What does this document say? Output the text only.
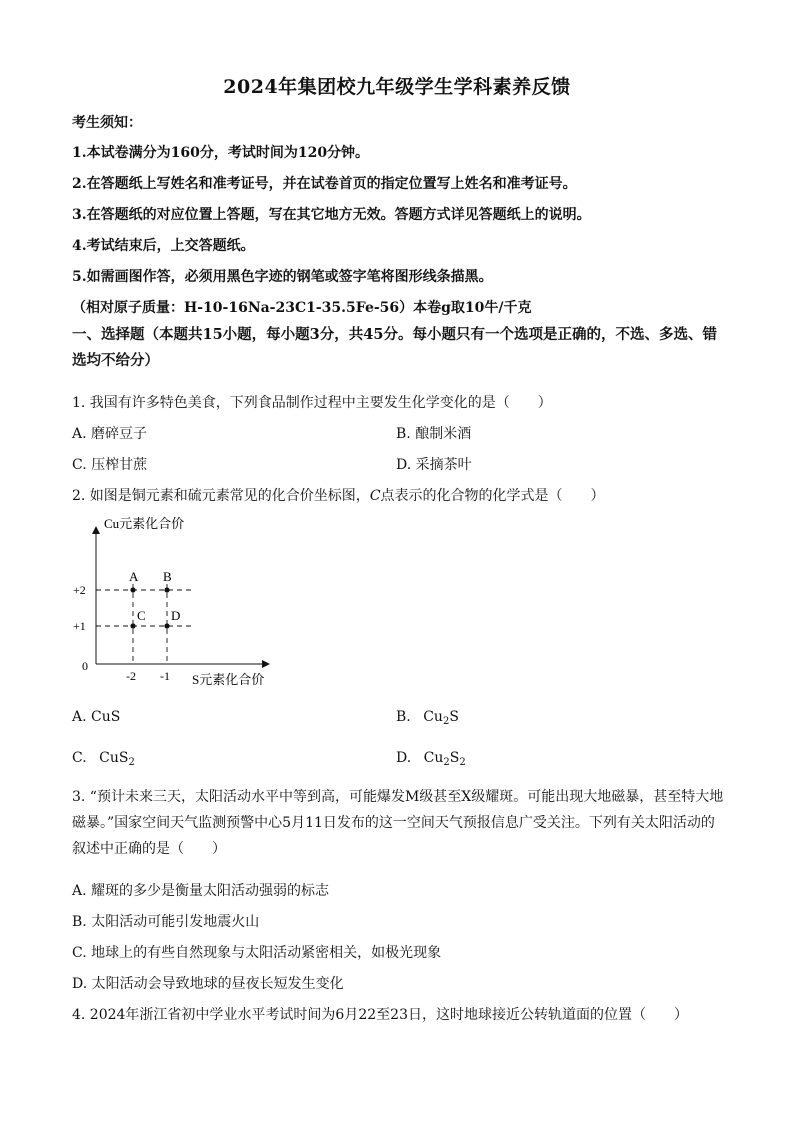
2024年集团校九年级学生学科素养反馈
考生须知：
1.本试卷满分为160分，考试时间为120分钟。
2.在答题纸上写姓名和准考证号，并在试卷首页的指定位置写上姓名和准考证号。
3.在答题纸的对应位置上答题，写在其它地方无效。答题方式详见答题纸上的说明。
4.考试结束后，上交答题纸。
5.如需画图作答，必须用黑色字迹的钢笔或签字笔将图形线条描黑。
（相对原子质量：H-10-16Na-23C1-35.5Fe-56）本卷g取10牛/千克
一、选择题（本题共15小题，每小题3分，共45分。每小题只有一个选项是正确的，不选、多选、错选均不给分）
1. 我国有许多特色美食，下列食品制作过程中主要发生化学变化的是（　　）
A. 磨碎豆子	B. 酿制米酒
C. 压榨甘蔗	D. 采摘茶叶
2. 如图是铜元素和硫元素常见的化合价坐标图，C点表示的化合物的化学式是（　　）
A B
C D
Cu元素化合价
S元素化合价
0
+2
+1
-2 -1
A. CuS	B. $Cu_2S$
C. CuS$_2$	D. $Cu_2S_2$
3. “预计未来三天，太阳活动水平中等到高，可能爆发M级甚至X级耀斑。可能出现大地磁暴，甚至特大地磁暴。”国家空间天气监测预警中心5月11日发布的这一空间天气预报信息广受关注。下列有关太阳活动的叙述中正确的是（　　）
A. 耀斑的多少是衡量太阳活动强弱的标志
B. 太阳活动可能引发地震火山
C. 地球上的有些自然现象与太阳活动紧密相关，如极光现象
D. 太阳活动会导致地球的昼夜长短发生变化
4. 2024年浙江省初中学业水平考试时间为6月22至23日，这时地球接近公转轨道面的位置（　　）
